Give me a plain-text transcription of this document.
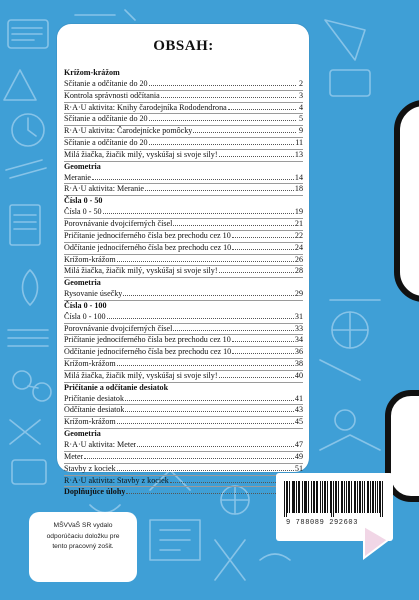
OBSAH:
Krížom-krážom
Sčítanie a odčítanie do 20	2
Kontrola správnosti odčítania	3
R·A·U aktivita: Knihy čarodejníka Rododendrona	4
Sčítanie a odčítanie do 20	5
R·A·U aktivita: Čarodejnícke pomôcky	9
Sčítanie a odčítanie do 20	11
Milá žiačka, žiačik milý, vyskúšaj si svoje sily!	13
Geometria
Meranie	14
R·A·U aktivita: Meranie	18
Čísla 0 - 50
Čísla 0 - 50	19
Porovnávanie dvojciferných čísel	21
Pričítanie jednociferného čísla bez prechodu cez 10	22
Odčítanie jednociferného čísla bez prechodu cez 10	24
Krížom-krážom	26
Milá žiačka, žiačik milý, vyskúšaj si svoje sily!	28
Geometria
Rysovanie úsečky	29
Čísla 0 - 100
Čísla 0 - 100	31
Porovnávanie dvojciferných čísel	33
Pričítanie jednociferného čísla bez prechodu cez 10	34
Odčítanie jednociferného čísla bez prechodu cez 10	36
Krížom-krážom	38
Milá žiačka, žiačik milý, vyskúšaj si svoje sily!	40
Pričítanie a odčítanie desiatok
Pričítanie desiatok	41
Odčítanie desiatok	43
Krížom-krážom	45
Geometria
R·A·U aktivita: Meter	47
Meter	49
Stavby z kociek	51
R·A·U aktivita: Stavby z kociek
Doplňujúce úlohy
MŠVVaŠ SR vydalo
odporúčaciu doložku pre
tento pracovný zošit.
9 788089 292603
